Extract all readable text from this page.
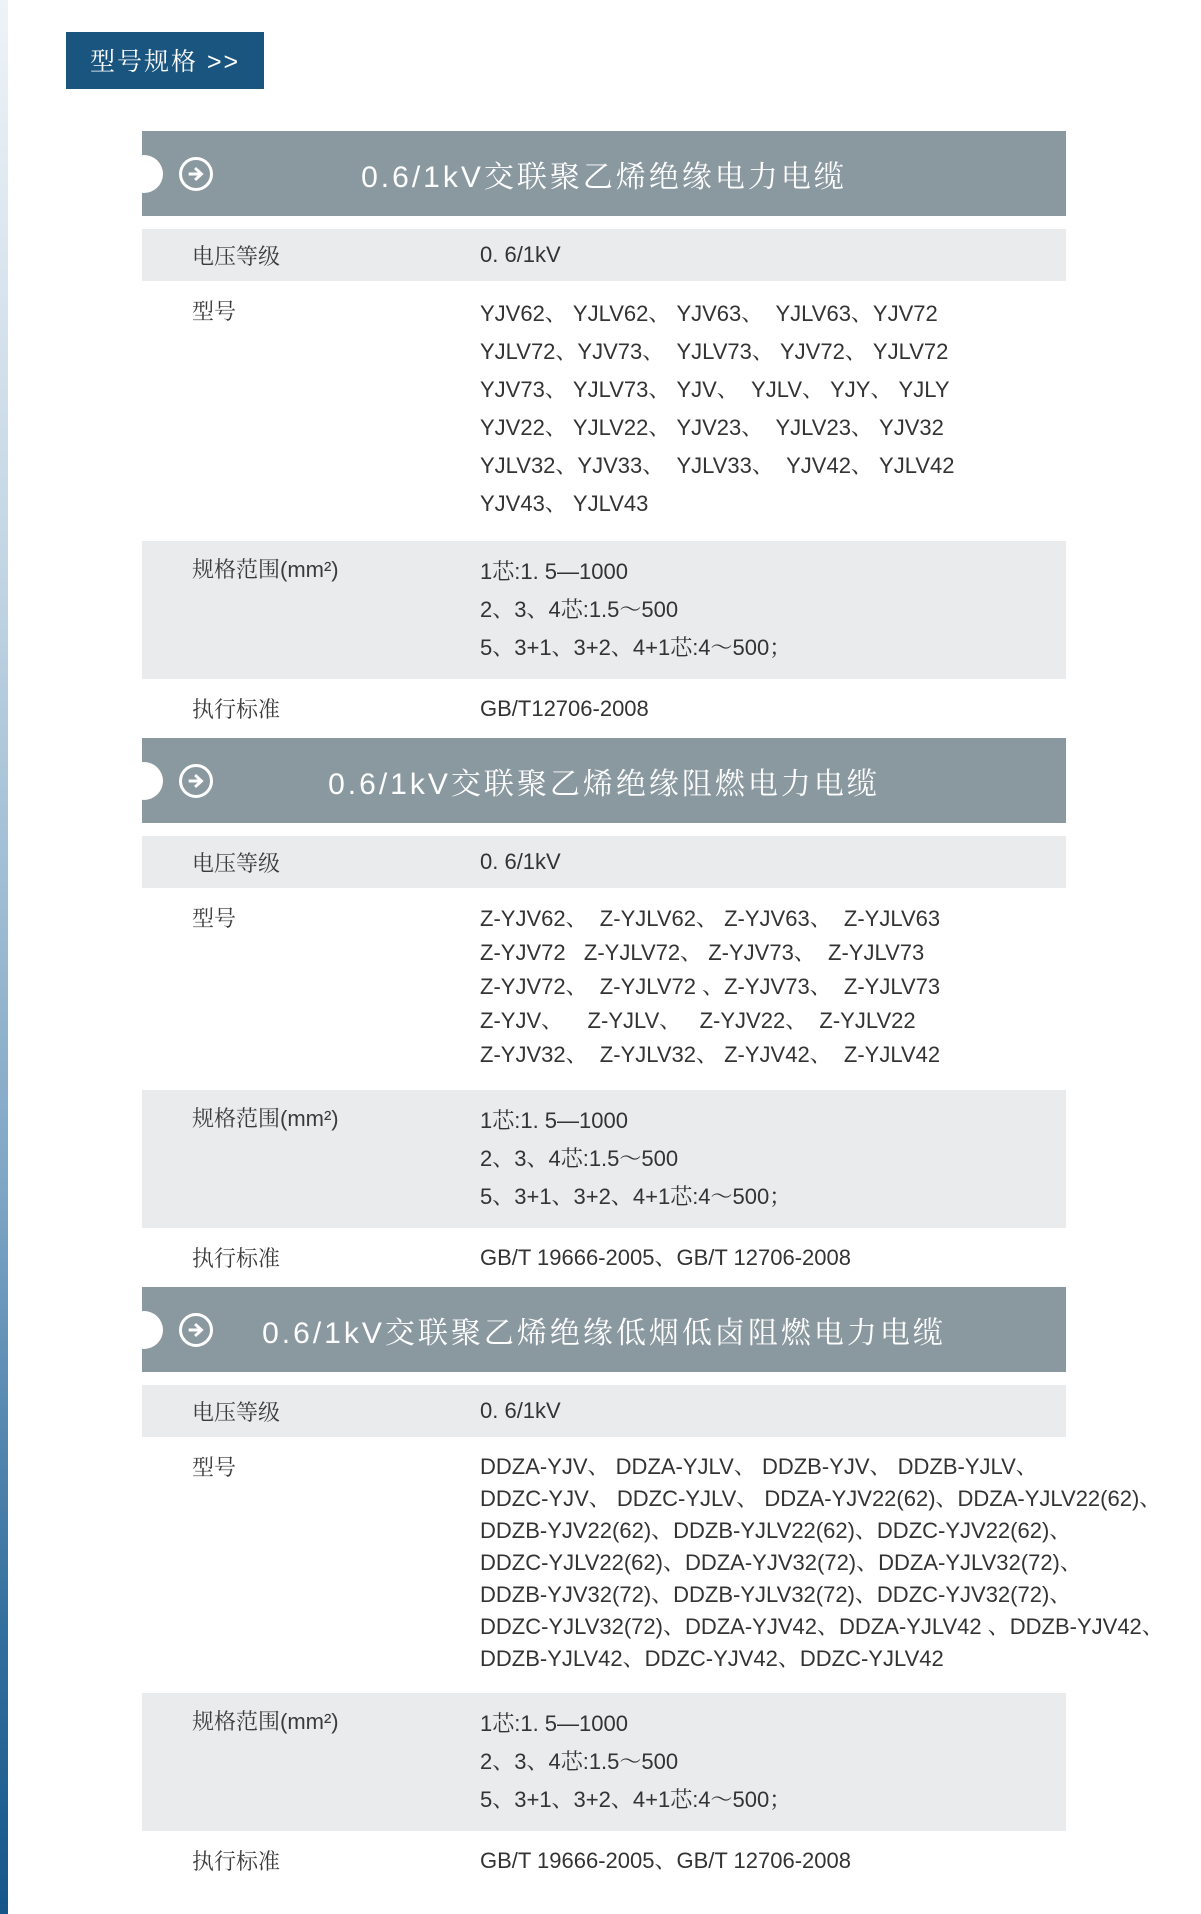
型号规格 >>
0.6/1kV交联聚乙烯绝缘电力电缆
电压等级	0. 6/1kV
型号	YJV62、 YJLV62、 YJV63、  YJLV63、YJV72
YJLV72、YJV73、  YJLV73、 YJV72、 YJLV72
YJV73、 YJLV73、 YJV、  YJLV、 YJY、 YJLY
YJV22、 YJLV22、 YJV23、  YJLV23、 YJV32
YJLV32、YJV33、  YJLV33、  YJV42、 YJLV42
YJV43、 YJLV43
规格范围(mm²)	1芯:1. 5—1000
2、3、4芯:1.5～500
5、3+1、3+2、4+1芯:4～500；
执行标准	GB/T12706-2008
0.6/1kV交联聚乙烯绝缘阻燃电力电缆
电压等级	0. 6/1kV
型号	Z-YJV62、  Z-YJLV62、 Z-YJV63、  Z-YJLV63
Z-YJV72   Z-YJLV72、 Z-YJV73、  Z-YJLV73
Z-YJV72、  Z-YJLV72 、Z-YJV73、  Z-YJLV73
Z-YJV、    Z-YJLV、   Z-YJV22、  Z-YJLV22
Z-YJV32、  Z-YJLV32、 Z-YJV42、  Z-YJLV42
规格范围(mm²)	1芯:1. 5—1000
2、3、4芯:1.5～500
5、3+1、3+2、4+1芯:4～500；
执行标准	GB/T 19666-2005、GB/T 12706-2008
0.6/1kV交联聚乙烯绝缘低烟低卤阻燃电力电缆
电压等级	0. 6/1kV
型号	DDZA-YJV、 DDZA-YJLV、 DDZB-YJV、 DDZB-YJLV、
DDZC-YJV、 DDZC-YJLV、 DDZA-YJV22(62)、DDZA-YJLV22(62)、
DDZB-YJV22(62)、DDZB-YJLV22(62)、DDZC-YJV22(62)、
DDZC-YJLV22(62)、DDZA-YJV32(72)、DDZA-YJLV32(72)、
DDZB-YJV32(72)、DDZB-YJLV32(72)、DDZC-YJV32(72)、
DDZC-YJLV32(72)、DDZA-YJV42、DDZA-YJLV42 、DDZB-YJV42、
DDZB-YJLV42、DDZC-YJV42、DDZC-YJLV42
规格范围(mm²)	1芯:1. 5—1000
2、3、4芯:1.5～500
5、3+1、3+2、4+1芯:4～500；
执行标准	GB/T 19666-2005、GB/T 12706-2008
